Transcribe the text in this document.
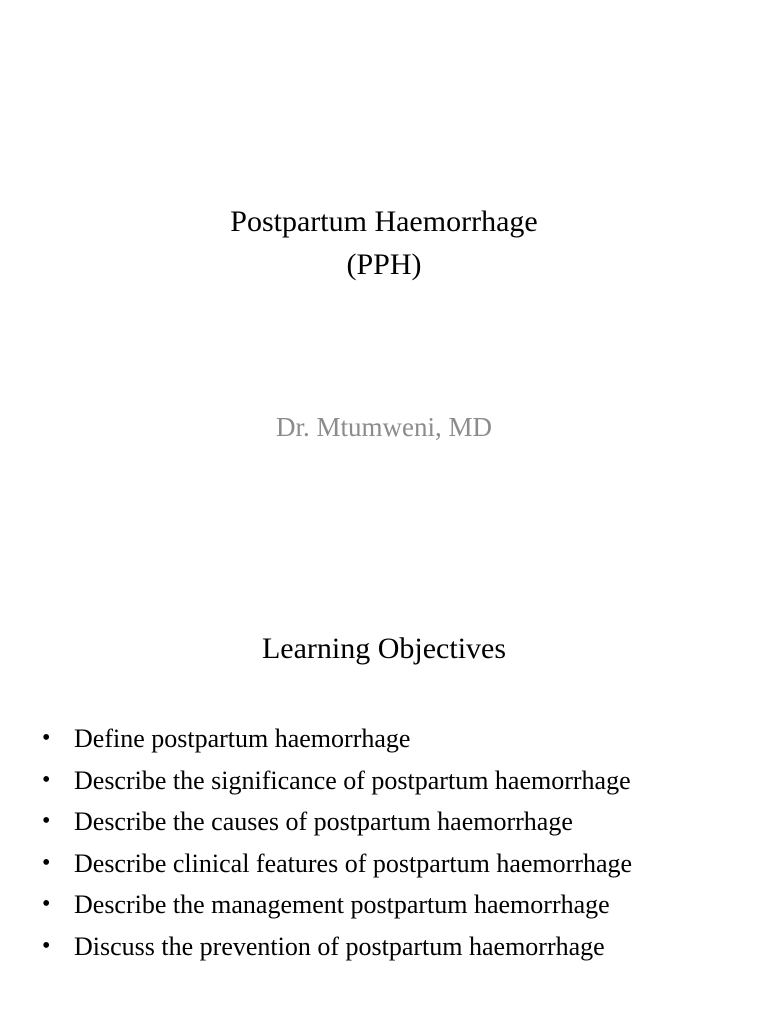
Postpartum Haemorrhage
(PPH)
Dr. Mtumweni, MD
Learning Objectives
• Define postpartum haemorrhage
• Describe the significance of postpartum haemorrhage
• Describe the causes of postpartum haemorrhage
• Describe clinical features of postpartum haemorrhage
• Describe the management postpartum haemorrhage
• Discuss the prevention of postpartum haemorrhage
